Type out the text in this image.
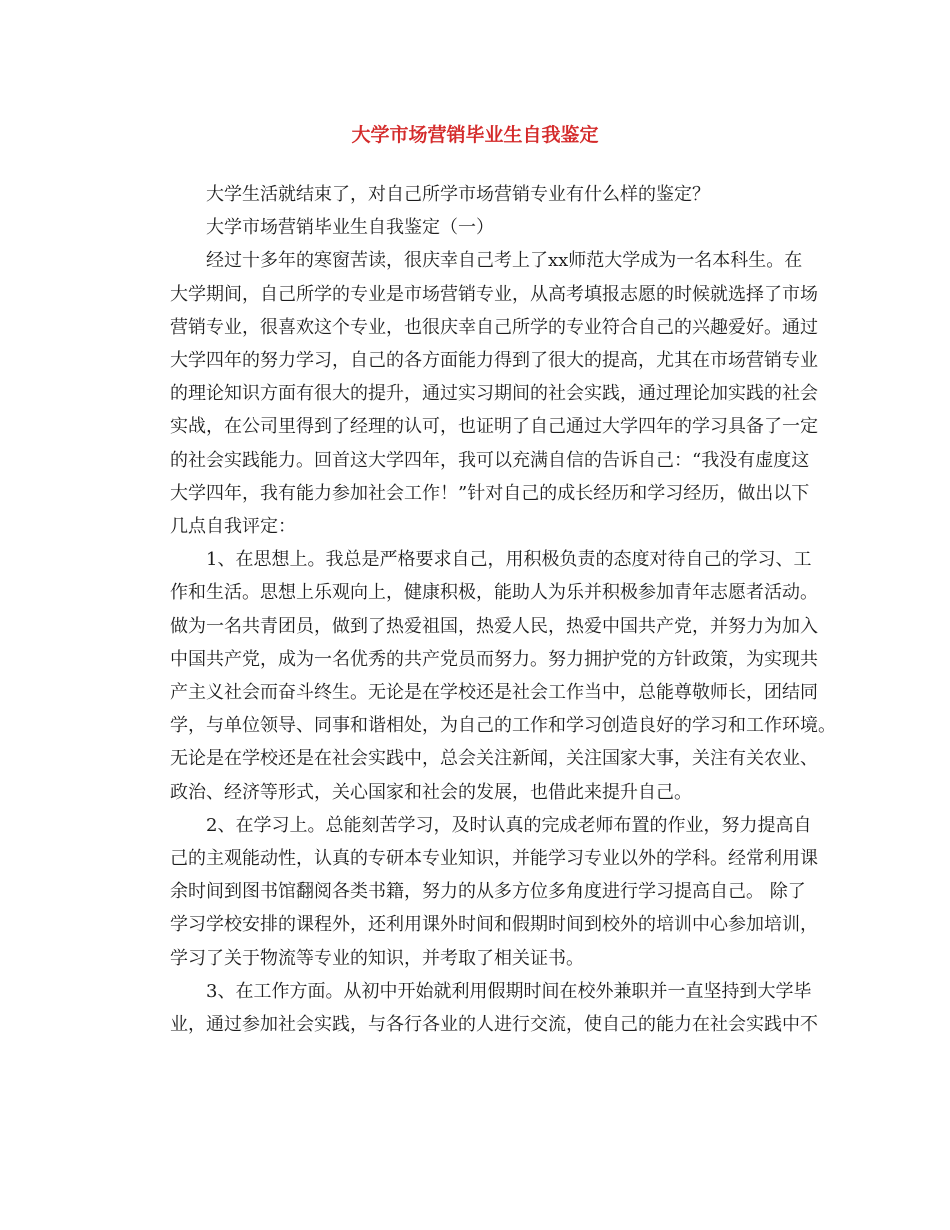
大学市场营销毕业生自我鉴定

大学生活就结束了，对自己所学市场营销专业有什么样的鉴定？

大学市场营销毕业生自我鉴定（一）

经过十多年的寒窗苦读，很庆幸自己考上了xx师范大学成为一名本科生。在
大学期间，自己所学的专业是市场营销专业，从高考填报志愿的时候就选择了市场
营销专业，很喜欢这个专业，也很庆幸自己所学的专业符合自己的兴趣爱好。通过
大学四年的努力学习，自己的各方面能力得到了很大的提高，尤其在市场营销专业
的理论知识方面有很大的提升，通过实习期间的社会实践，通过理论加实践的社会
实战，在公司里得到了经理的认可，也证明了自己通过大学四年的学习具备了一定
的社会实践能力。回首这大学四年，我可以充满自信的告诉自己：“我没有虚度这
大学四年，我有能力参加社会工作！”针对自己的成长经历和学习经历，做出以下
几点自我评定：

1、在思想上。我总是严格要求自己，用积极负责的态度对待自己的学习、工
作和生活。思想上乐观向上，健康积极，能助人为乐并积极参加青年志愿者活动。
做为一名共青团员，做到了热爱祖国，热爱人民，热爱中国共产党，并努力为加入
中国共产党，成为一名优秀的共产党员而努力。努力拥护党的方针政策，为实现共
产主义社会而奋斗终生。无论是在学校还是社会工作当中，总能尊敬师长，团结同
学，与单位领导、同事和谐相处，为自己的工作和学习创造良好的学习和工作环境。
无论是在学校还是在社会实践中，总会关注新闻，关注国家大事，关注有关农业、
政治、经济等形式，关心国家和社会的发展，也借此来提升自己。

2、在学习上。总能刻苦学习，及时认真的完成老师布置的作业，努力提高自
己的主观能动性，认真的专研本专业知识，并能学习专业以外的学科。经常利用课
余时间到图书馆翻阅各类书籍，努力的从多方位多角度进行学习提高自己。 除了
学习学校安排的课程外，还利用课外时间和假期时间到校外的培训中心参加培训，
学习了关于物流等专业的知识，并考取了相关证书。

3、在工作方面。从初中开始就利用假期时间在校外兼职并一直坚持到大学毕
业，通过参加社会实践，与各行各业的人进行交流，使自己的能力在社会实践中不
